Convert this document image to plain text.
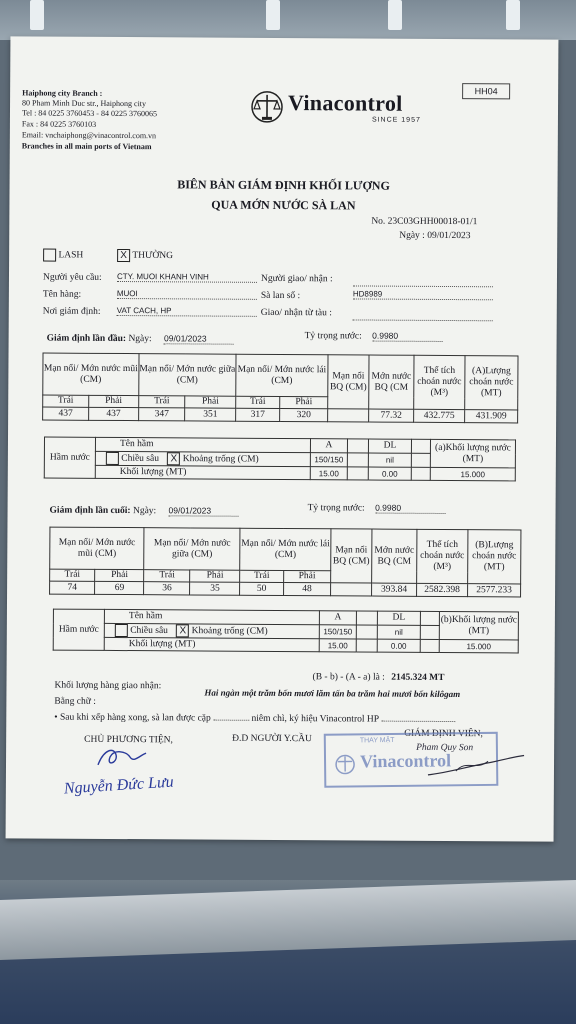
HH04
Haiphong city Branch :
80 Pham Minh Duc str., Haiphong city
Tel : 84 0225 3760453 - 84 0225 3760065
Fax : 84 0225 3760103
Email: vnchaiphong@vinacontrol.com.vn
Branches in all main ports of Vietnam
Vinacontrol
SINCE 1957
BIÊN BẢN GIÁM ĐỊNH KHỐI LƯỢNG
QUA MỚN NƯỚC SÀ LAN
No. 23C03GHH00018-01/1
Ngày : 09/01/2023
LASH	X THƯỜNG
Người yêu cầu: CTY. MUOI KHANH VINH
Tên hàng:	MUOI
Nơi giám định: VAT CACH, HP
Người giao/ nhận :
Sà lan số :	HD8989
Giao/ nhận từ tàu :
Giám định lần đầu: Ngày: 09/01/2023	Tỷ trọng nước: 0.9980
Mạn nổi/ Mớn nước mũi (CM)		Mạn nổi/ Mớn nước giữa (CM)		Mạn nổi/ Mớn nước lái (CM)		Mạn nổi BQ (CM)	Mớn nước BQ (CM	Thể tích choán nước (M³)	(A)Lượng choán nước (MT)
Trái	Phải	Trái	Phải	Trái	Phải				
437	437	347	351	317	320		77.32	432.775	431.909
Hầm nước	Tên hầm	A		DL		(a)Khối lượng nước (MT)
	Chiều sâu X Khoảng trống (CM)	150/150		nil		
	Khối lượng (MT)	15.00		0.00		15.000
Giám định lần cuối: Ngày: 09/01/2023	Tỷ trọng nước: 0.9980
Mạn nổi/ Mớn nước mũi (CM)		Mạn nổi/ Mớn nước giữa (CM)		Mạn nổi/ Mớn nước lái (CM)		Mạn nổi BQ (CM)	Mớn nước BQ (CM	Thể tích choán nước (M³)	(B)Lượng choán nước (MT)
Trái	Phải	Trái	Phải	Trái	Phải				
74	69	36	35	50	48		393.84	2582.398	2577.233
Hầm nước	Tên hầm	A		DL		(b)Khối lượng nước (MT)
	Chiều sâu X Khoảng trống (CM)	150/150		nil		
	Khối lượng (MT)	15.00		0.00		15.000
Khối lượng hàng giao nhận:
(B - b) - (A - a) là : 2145.324 MT
Bằng chữ :
Hai ngàn một trăm bốn mươi lăm tấn ba trăm hai mươi bốn kilôgam
• Sau khi xếp hàng xong, sà lan được cặp	niêm chì, ký hiệu Vinacontrol HP
CHỦ PHƯƠNG TIỆN,	Đ.D NGƯỜI Y.CẦU	GIÁM ĐỊNH VIÊN,
THAY MẶT
Vinacontrol
Pham Quy Son
Nguyễn Đức Lưu
